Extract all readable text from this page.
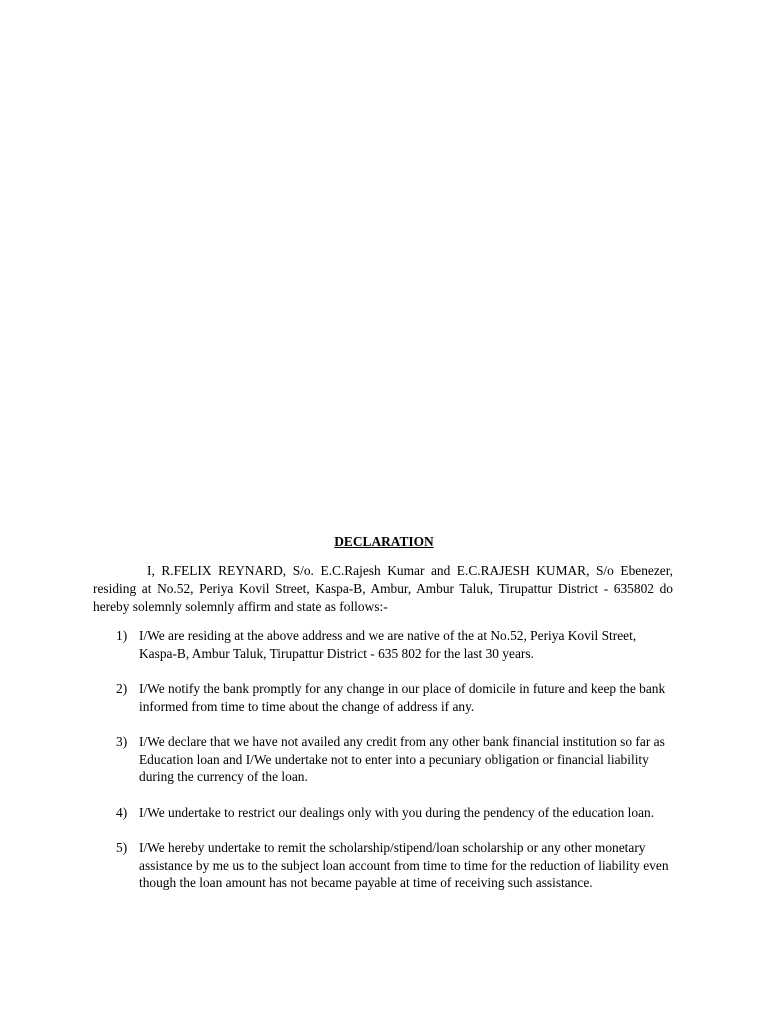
DECLARATION

I, R.FELIX REYNARD, S/o. E.C.Rajesh Kumar and E.C.RAJESH KUMAR, S/o Ebenezer, residing at No.52, Periya Kovil Street, Kaspa-B, Ambur, Ambur Taluk, Tirupattur District - 635802 do hereby solemnly solemnly affirm and state as follows:-

1) I/We are residing at the above address and we are native of the at No.52, Periya Kovil Street, Kaspa-B, Ambur Taluk, Tirupattur District - 635 802 for the last 30 years.
2) I/We notify the bank promptly for any change in our place of domicile in future and keep the bank informed from time to time about the change of address if any.
3) I/We declare that we have not availed any credit from any other bank financial institution so far as Education loan and I/We undertake not to enter into a pecuniary obligation or financial liability during the currency of the loan.
4) I/We undertake to restrict our dealings only with you during the pendency of the education loan.
5) I/We hereby undertake to remit the scholarship/stipend/loan scholarship or any other monetary assistance by me us to the subject loan account from time to time for the reduction of liability even though the loan amount has not became payable at time of receiving such assistance.
